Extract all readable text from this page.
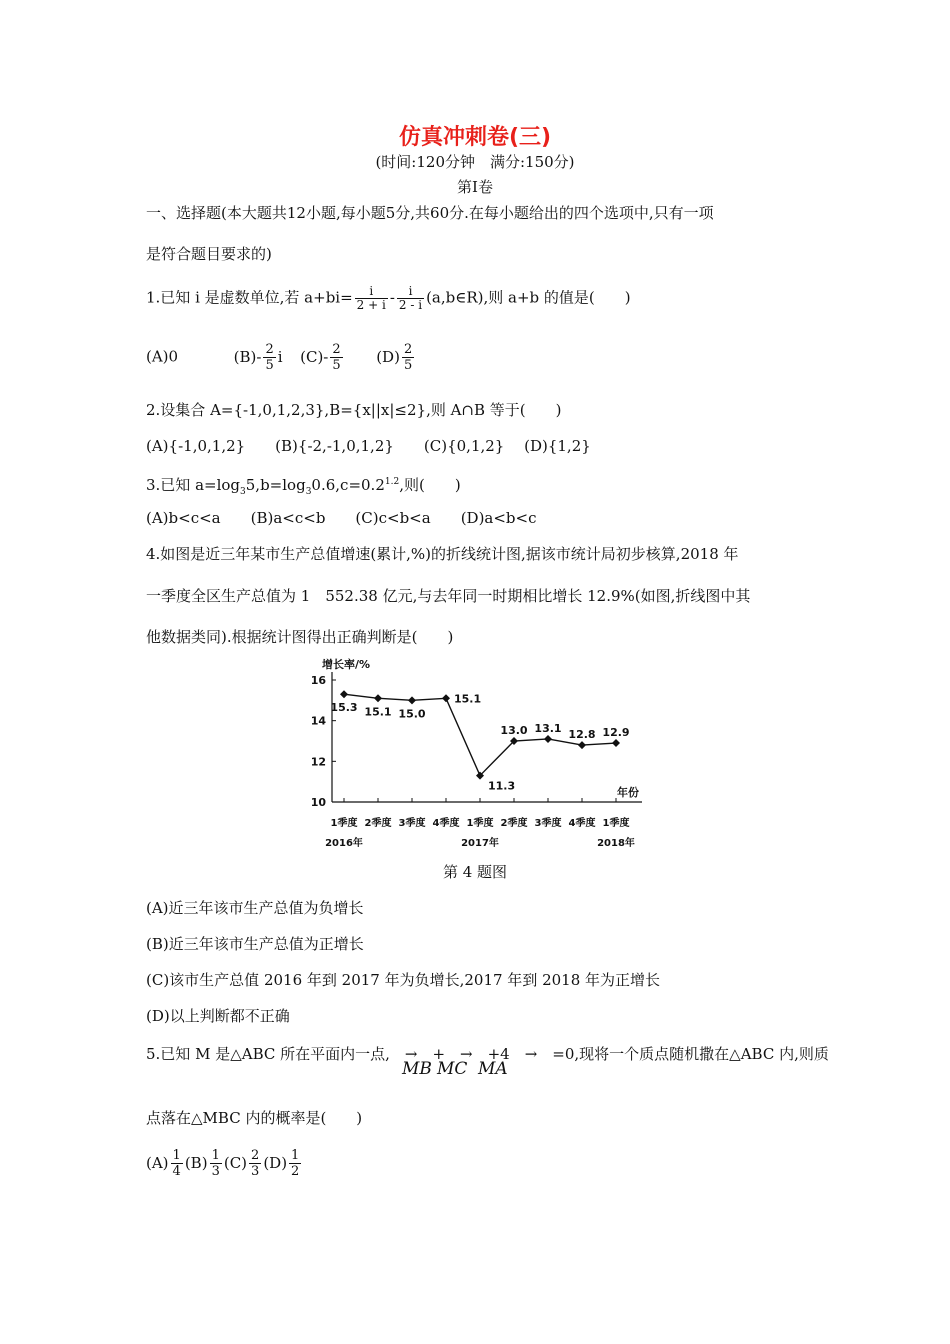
仿真冲刺卷(三)
(时间:120分钟　满分:150分)
第Ⅰ卷
一、选择题(本大题共12小题,每小题5分,共60分.在每小题给出的四个选项中,只有一项
是符合题目要求的)
1.已知 i 是虚数单位,若 $a+bi= \frac{i}{2 + i} - \frac{i}{2 - i}$ (a,b∈R),则 a+b 的值是(　　)
(A)0	$(B)- \frac{2}{5}$ i $(C)- \frac{2}{5} (D) \frac{2}{5}$
2.设集合 A={-1,0,1,2,3},B={x||x|≤2},则 A∩B 等于(　　)
(A){-1,0,1,2}　　(B){-2,-1,0,1,2}　　(C){0,1,2}　 (D){1,2}
3.已知 $a=\log_35,b=\log_30.6,c=0.2^{1.2}$,则(　　)
(A)b<c<a　　(B)a<c<b　　(C)c<b<a　　(D)a<b<c
4.如图是近三年某市生产总值增速(累计,%)的折线统计图,据该市统计局初步核算,2018 年
一季度全区生产总值为 1　552.38 亿元,与去年同一时期相比增长 12.9%(如图,折线图中其
他数据类同).根据统计图得出正确判断是(　　)
增长率/%
10
12
14
16
1季度 2季度 3季度 4季度 1季度 2季度 3季度 4季度 1季度
2016年	2017年	2018年
年份
15.3 15.1 15.0
15.1
11.3
13.0 13.1 12.8 12.9
第 4 题图
(A)近三年该市生产总值为负增长
(B)近三年该市生产总值为正增长
(C)该市生产总值 2016 年到 2017 年为负增长,2017 年到 2018 年为正增长
(D)以上判断都不正确
5.已知 M 是△ABC 所在平面内一点,　→　+　→　+4　→　=0,现将一个质点随机撒在△ABC 内,则质
MB MC MA
点落在△MBC 内的概率是(　　)
$(A) \frac{1}{4} (B) \frac{1}{3} (C) \frac{2}{3} (D) \frac{1}{2}$
